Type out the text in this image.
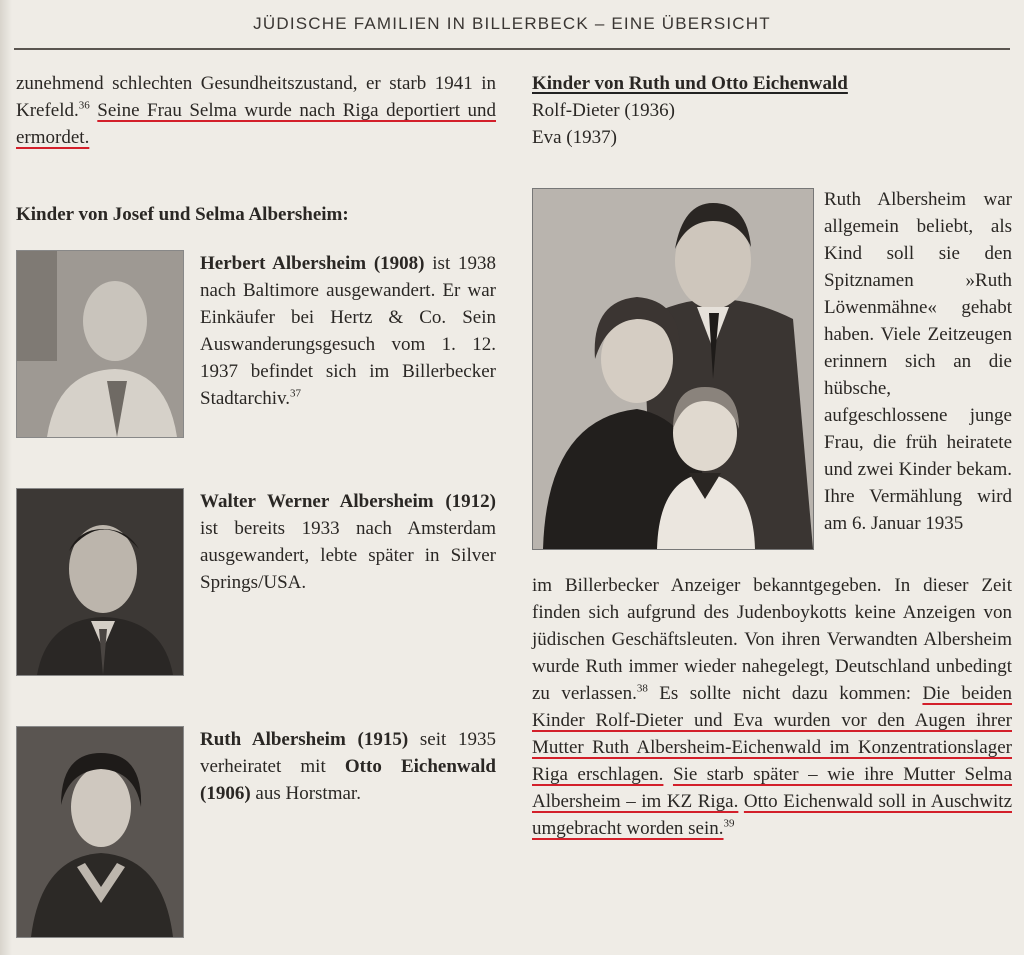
JÜDISCHE FAMILIEN IN BILLERBECK – EINE ÜBERSICHT

zunehmend schlechten Gesundheitszustand, er starb 1941 in Krefeld.$^{36}$ Seine Frau Selma wurde nach Riga deportiert und ermordet.

Kinder von Josef und Selma Albersheim:

Herbert Albersheim (1908) ist 1938 nach Baltimore ausgewandert. Er war Einkäufer bei Hertz & Co. Sein Auswanderungsgesuch vom 1. 12. 1937 befindet sich im Billerbecker Stadtarchiv.$^{37}$
Walter Werner Albersheim (1912) ist bereits 1933 nach Amsterdam ausgewandert, lebte später in Silver Springs/USA.
Ruth Albersheim (1915) seit 1935 verheiratet mit Otto Eichenwald (1906) aus Horstmar.

Kinder von Ruth und Otto Eichenwald

Rolf-Dieter (1936)

Eva (1937)

Ruth Albersheim war allgemein beliebt, als Kind soll sie den Spitznamen »Ruth Löwenmähne« gehabt haben. Viele Zeitzeugen erinnern sich an die hübsche, aufgeschlossene junge Frau, die früh heiratete und zwei Kinder bekam. Ihre Vermählung wird am 6. Januar 1935

im Billerbecker Anzeiger bekanntgegeben. In dieser Zeit finden sich aufgrund des Judenboykotts keine Anzeigen von jüdischen Geschäftsleuten. Von ihren Verwandten Albersheim wurde Ruth immer wieder nahegelegt, Deutschland unbedingt zu verlassen.$^{38}$ Es sollte nicht dazu kommen: Die beiden Kinder Rolf-Dieter und Eva wurden vor den Augen ihrer Mutter Ruth Albersheim-Eichenwald im Konzentrationslager Riga erschlagen. Sie starb später – wie ihre Mutter Selma Albersheim – im KZ Riga. Otto Eichenwald soll in Auschwitz umgebracht worden sein.$^{39}$
